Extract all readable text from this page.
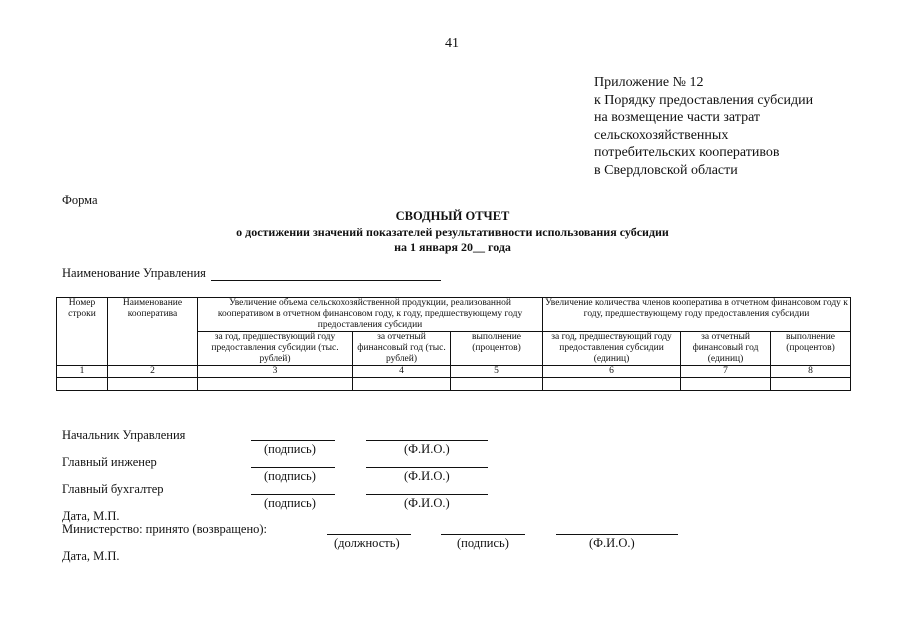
41
Приложение № 12
к Порядку предоставления субсидии
на возмещение части затрат
сельскохозяйственных
потребительских кооперативов
в Свердловской области
Форма
СВОДНЫЙ ОТЧЕТ
о достижении значений показателей результативности использования субсидии
на 1 января 20__ года
Наименование Управления
Номер строки	Наименование кооператива	Увеличение объема сельскохозяйственной продукции, реализованной кооперативом в отчетном финансовом году, к году, предшествующему году предоставления субсидии			Увеличение количества членов кооператива в отчетном финансовом году к году, предшествующему году предоставления субсидии		
		за год, предшествующий году предоставления субсидии (тыс. рублей)	за отчетный финансовый год (тыс. рублей)	выполнение (процентов)	за год, предшествующий году предоставления субсидии (единиц)	за отчетный финансовый год (единиц)	выполнение (процентов)
1	2	3	4	5	6	7	8

Начальник Управления
(подпись)	(Ф.И.О.)
Главный инженер
(подпись)	(Ф.И.О.)
Главный бухгалтер
(подпись)	(Ф.И.О.)
Дата, М.П.
Министерство: принято (возвращено):
(должность)	(подпись)	(Ф.И.О.)
Дата, М.П.
